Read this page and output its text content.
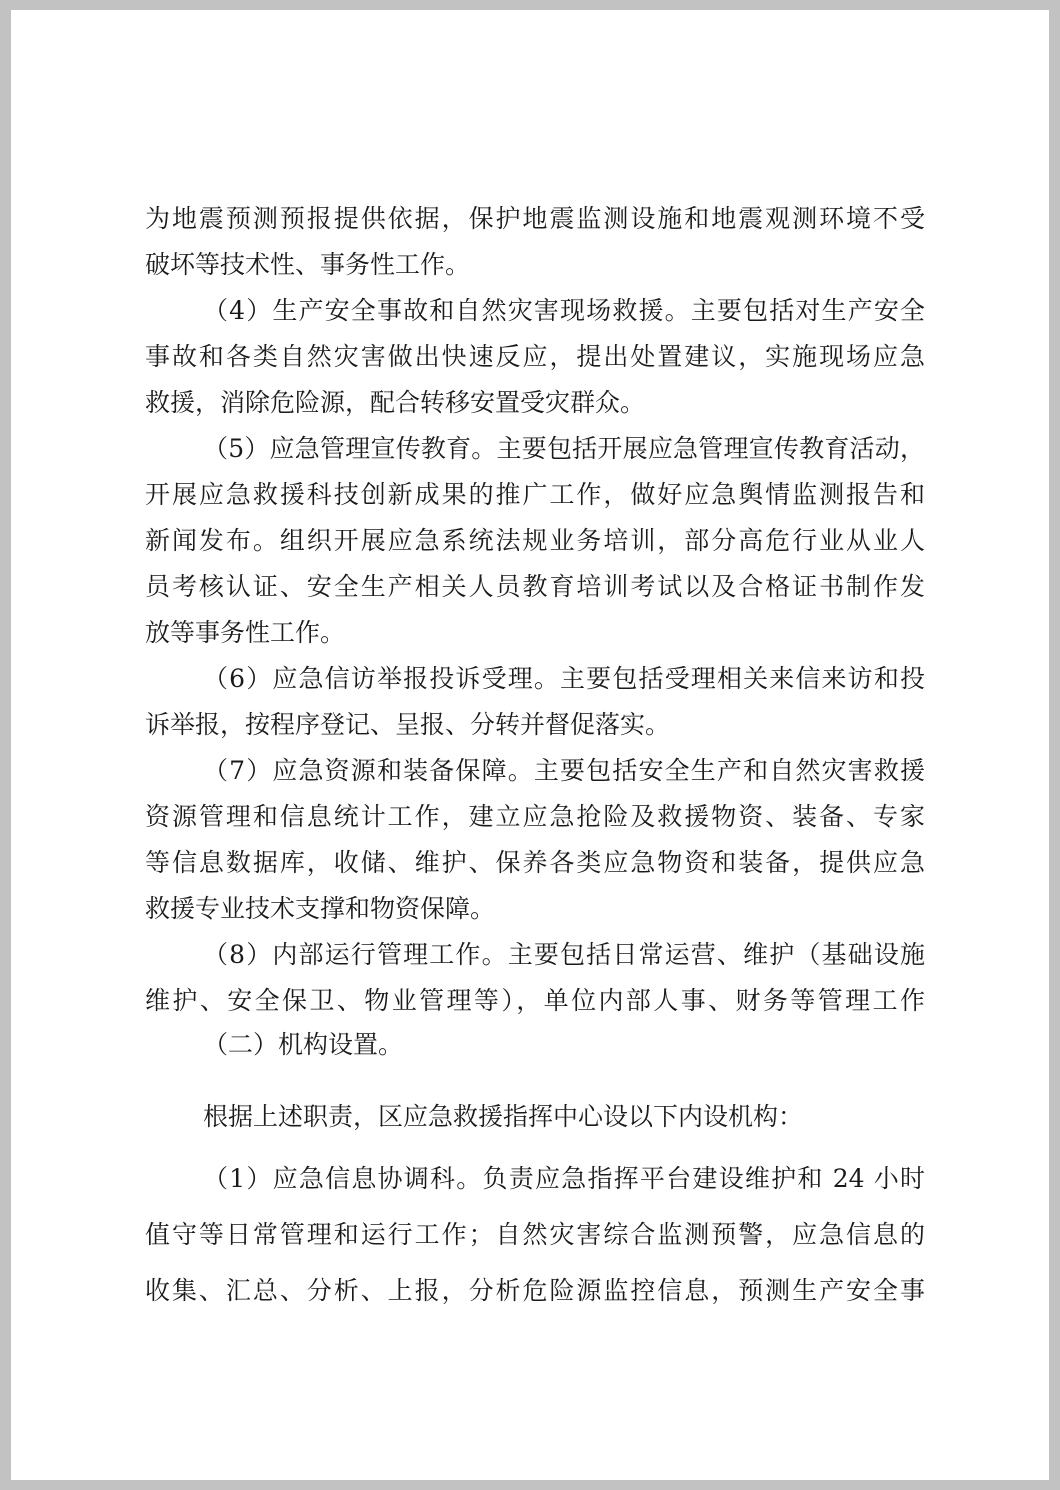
为地震预测预报提供依据，保护地震监测设施和地震观测环境不受
破坏等技术性、事务性工作。
（4）生产安全事故和自然灾害现场救援。主要包括对生产安全
事故和各类自然灾害做出快速反应，提出处置建议，实施现场应急
救援，消除危险源，配合转移安置受灾群众。
（5）应急管理宣传教育。主要包括开展应急管理宣传教育活动，
开展应急救援科技创新成果的推广工作，做好应急舆情监测报告和
新闻发布。组织开展应急系统法规业务培训，部分高危行业从业人
员考核认证、安全生产相关人员教育培训考试以及合格证书制作发
放等事务性工作。
（6）应急信访举报投诉受理。主要包括受理相关来信来访和投
诉举报，按程序登记、呈报、分转并督促落实。
（7）应急资源和装备保障。主要包括安全生产和自然灾害救援
资源管理和信息统计工作，建立应急抢险及救援物资、装备、专家
等信息数据库，收储、维护、保养各类应急物资和装备，提供应急
救援专业技术支撑和物资保障。
（8）内部运行管理工作。主要包括日常运营、维护（基础设施
维护、安全保卫、物业管理等），单位内部人事、财务等管理工作
（二）机构设置。
根据上述职责，区应急救援指挥中心设以下内设机构：
（1）应急信息协调科。负责应急指挥平台建设维护和 24 小时
值守等日常管理和运行工作；自然灾害综合监测预警，应急信息的
收集、汇总、分析、上报，分析危险源监控信息，预测生产安全事
